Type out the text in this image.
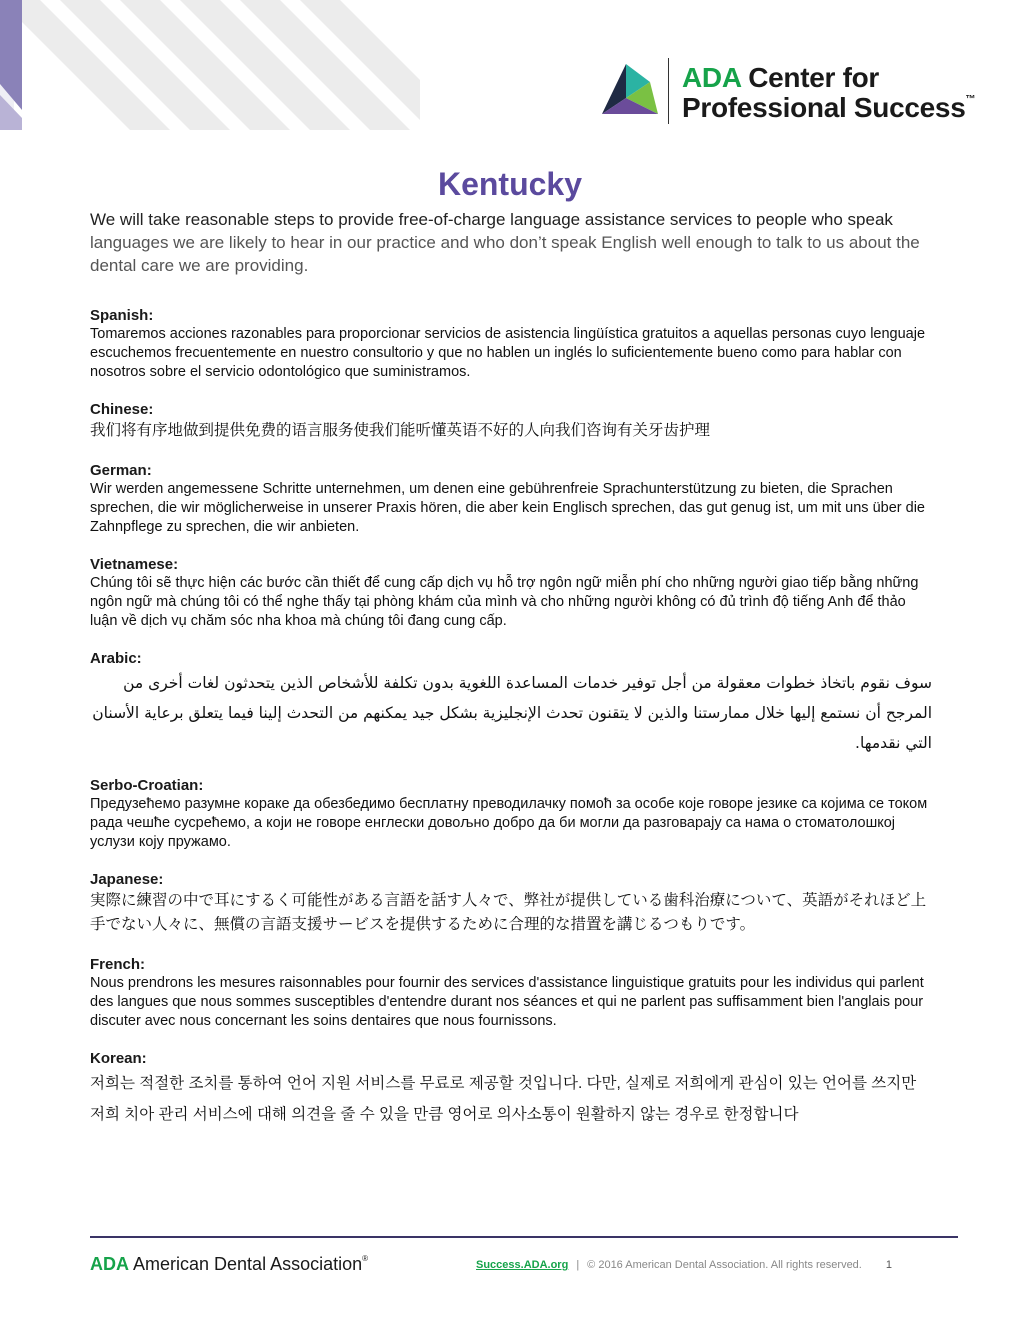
ADA Center for
Professional Success™
Kentucky
We will take reasonable steps to provide free-of-charge language assistance services to people who speak languages we are likely to hear in our practice and who don’t speak English well enough to talk to us about the dental care we are providing.
Spanish:
Tomaremos acciones razonables para proporcionar servicios de asistencia lingüística gratuitos a aquellas personas cuyo lenguaje escuchemos frecuentemente en nuestro consultorio y que no hablen un inglés lo suficientemente bueno como para hablar con nosotros sobre el servicio odontológico que suministramos.
Chinese:
我们将有序地做到提供免费的语言服务使我们能听懂英语不好的人向我们咨询有关牙齿护理
German:
Wir werden angemessene Schritte unternehmen, um denen eine gebührenfreie Sprachunterstützung zu bieten, die Sprachen sprechen, die wir möglicherweise in unserer Praxis hören, die aber kein Englisch sprechen, das gut genug ist, um mit uns über die Zahnpflege zu sprechen, die wir anbieten.
Vietnamese:
Chúng tôi sẽ thực hiện các bước cần thiết để cung cấp dịch vụ hỗ trợ ngôn ngữ miễn phí cho những người giao tiếp bằng những ngôn ngữ mà chúng tôi có thể nghe thấy tại phòng khám của mình và cho những người không có đủ trình độ tiếng Anh để thảo luận về dịch vụ chăm sóc nha khoa mà chúng tôi đang cung cấp.
Arabic:
سوف نقوم باتخاذ خطوات معقولة من أجل توفير خدمات المساعدة اللغوية بدون تكلفة للأشخاص الذين يتحدثون لغات أخرى من المرجح أن نستمع إليها خلال ممارستنا والذين لا يتقنون تحدث الإنجليزية بشكل جيد يمكنهم من التحدث إلينا فيما يتعلق برعاية الأسنان التي نقدمها.
Serbo-Croatian:
Предузећемо разумне кораке да обезбедимо бесплатну преводилачку помоћ за особе које говоре језике са којима се током рада чешће сусрећемо, а који не говоре енглески довољно добро да би могли да разговарају са нама о стоматолошкој услузи коју пружамо.
Japanese:
実際に練習の中で耳にするく可能性がある言語を話す人々で、弊社が提供している歯科治療について、英語がそれほど上手でない人々に、無償の言語支援サービスを提供するために合理的な措置を講じるつもりです。
French:
Nous prendrons les mesures raisonnables pour fournir des services d'assistance linguistique gratuits pour les individus qui parlent des langues que nous sommes susceptibles d'entendre durant nos séances et qui ne parlent pas suffisamment bien l'anglais pour discuter avec nous concernant les soins dentaires que nous fournissons.
Korean:
저희는 적절한 조치를 통하여 언어 지원 서비스를 무료로 제공할 것입니다. 다만, 실제로 저희에게 관심이 있는 언어를 쓰지만 저희 치아 관리 서비스에 대해 의견을 줄 수 있을 만큼 영어로 의사소통이 원활하지 않는 경우로 한정합니다
ADA American Dental Association®
Success.ADA.org | © 2016 American Dental Association. All rights reserved. 1
